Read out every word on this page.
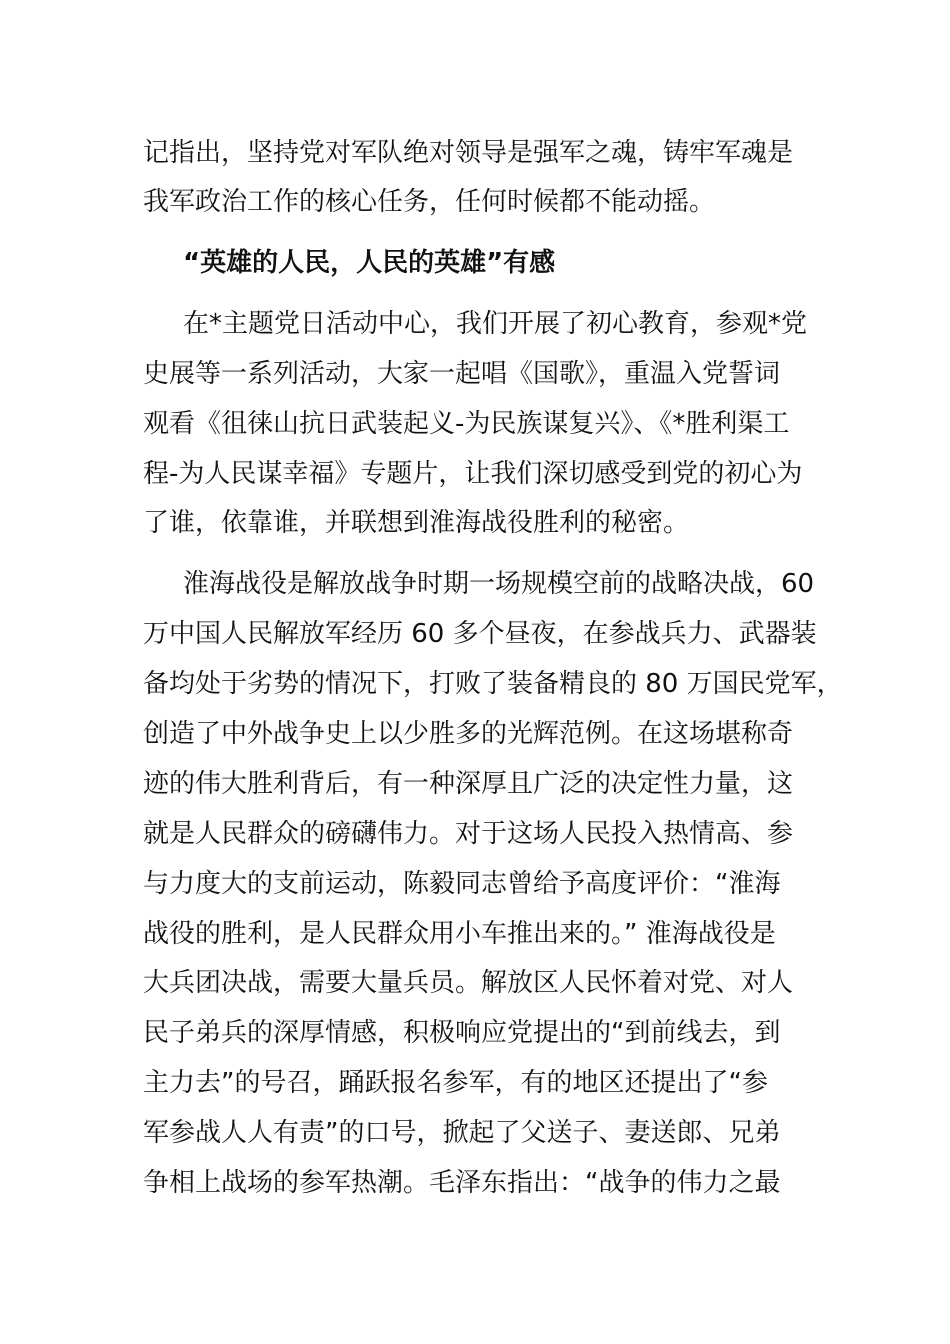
记指出，坚持党对军队绝对领导是强军之魂，铸牢军魂是
我军政治工作的核心任务，任何时候都不能动摇。
“英雄的人民，人民的英雄”有感
在*主题党日活动中心，我们开展了初心教育，参观*党
史展等一系列活动，大家一起唱《国歌》，重温入党誓词
观看《徂徕山抗日武装起义-为民族谋复兴》、《*胜利渠工
程-为人民谋幸福》专题片，让我们深切感受到党的初心为
了谁，依靠谁，并联想到淮海战役胜利的秘密。
淮海战役是解放战争时期一场规模空前的战略决战，60
万中国人民解放军经历 60 多个昼夜，在参战兵力、武器装
备均处于劣势的情况下，打败了装备精良的 80 万国民党军，
创造了中外战争史上以少胜多的光辉范例。在这场堪称奇
迹的伟大胜利背后，有一种深厚且广泛的决定性力量，这
就是人民群众的磅礴伟力。对于这场人民投入热情高、参
与力度大的支前运动，陈毅同志曾给予高度评价：“淮海
战役的胜利，是人民群众用小车推出来的。” 淮海战役是
大兵团决战，需要大量兵员。解放区人民怀着对党、对人
民子弟兵的深厚情感，积极响应党提出的“到前线去，到
主力去”的号召，踊跃报名参军，有的地区还提出了“参
军参战人人有责”的口号，掀起了父送子、妻送郎、兄弟
争相上战场的参军热潮。毛泽东指出：“战争的伟力之最
